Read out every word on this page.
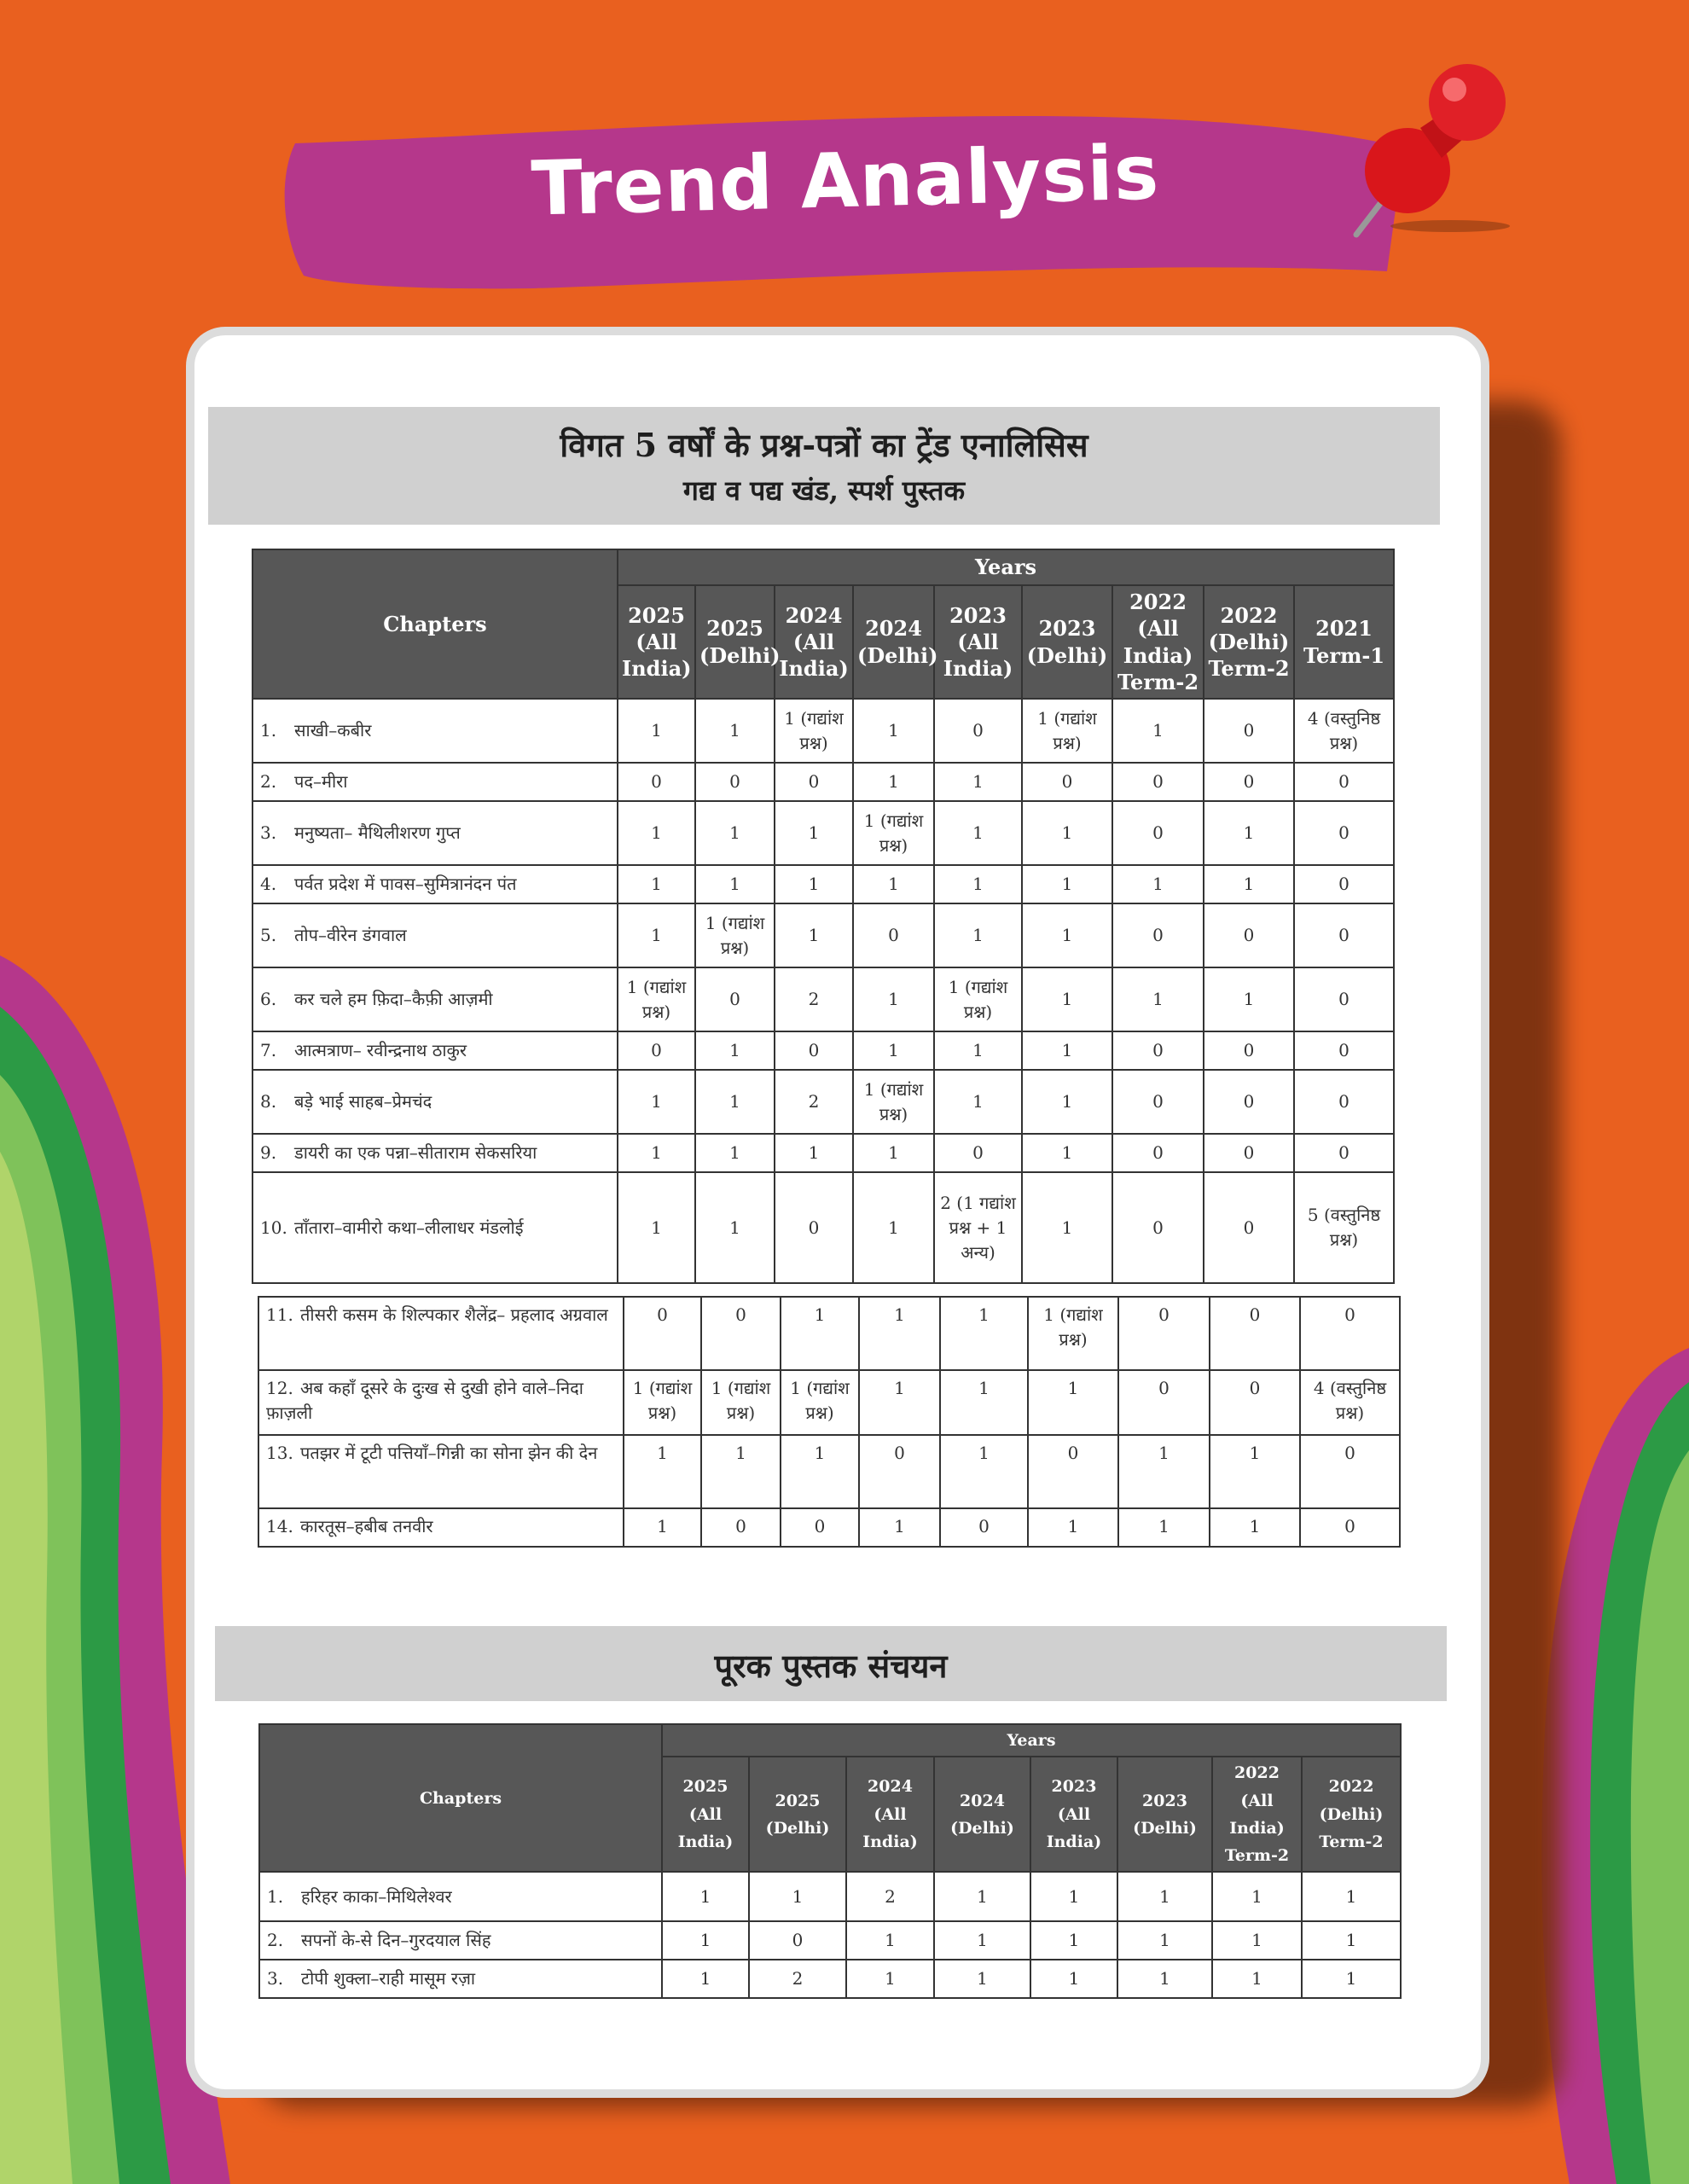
Trend Analysis
विगत 5 वर्षों के प्रश्न-पत्रों का ट्रेंड एनालिसिस
गद्य व पद्य खंड, स्पर्श पुस्तक
Chapters	Years								
	2025 (All India)	2025 (Delhi)	2024 (All India)	2024 (Delhi)	2023 (All India)	2023 (Delhi)	2022 (All India) Term-2	2022 (Delhi) Term-2	2021 Term-1
1. साखी–कबीर	1	1	1 (गद्यांश प्रश्न)	1	0	1 (गद्यांश प्रश्न)	1	0	4 (वस्तुनिष्ठ प्रश्न)
2. पद–मीरा	0	0	0	1	1	0	0	0	0
3. मनुष्यता– मैथिलीशरण गुप्त	1	1	1	1 (गद्यांश प्रश्न)	1	1	0	1	0
4. पर्वत प्रदेश में पावस–सुमित्रानंदन पंत	1	1	1	1	1	1	1	1	0
5. तोप–वीरेन डंगवाल	1	1 (गद्यांश प्रश्न)	1	0	1	1	0	0	0
6. कर चले हम फ़िदा–कैफ़ी आज़मी	1 (गद्यांश प्रश्न)	0	2	1	1 (गद्यांश प्रश्न)	1	1	1	0
7. आत्मत्राण– रवीन्द्रनाथ ठाकुर	0	1	0	1	1	1	0	0	0
8. बड़े भाई साहब–प्रेमचंद	1	1	2	1 (गद्यांश प्रश्न)	1	1	0	0	0
9. डायरी का एक पन्ना–सीताराम सेकसरिया	1	1	1	1	0	1	0	0	0
10. ताँतारा–वामीरो कथा–लीलाधर मंडलोई	1	1	0	1	2 (1 गद्यांश प्रश्न + 1 अन्य)	1	0	0	5 (वस्तुनिष्ठ प्रश्न)
11. तीसरी कसम के शिल्पकार शैलेंद्र– प्रहलाद अग्रवाल	0	0	1	1	1	1 (गद्यांश प्रश्न)	0	0	0
12. अब कहाँ दूसरे के दुःख से दुखी होने वाले–निदा फ़ाज़ली	1 (गद्यांश प्रश्न)	1 (गद्यांश प्रश्न)	1 (गद्यांश प्रश्न)	1	1	1	0	0	4 (वस्तुनिष्ठ प्रश्न)
13. पतझर में टूटी पत्तियाँ–गिन्नी का सोना झेन की देन	1	1	1	0	1	0	1	1	0
14. कारतूस–हबीब तनवीर	1	0	0	1	0	1	1	1	0
पूरक पुस्तक संचयन
Chapters	Years							
	2025 (All India)	2025 (Delhi)	2024 (All India)	2024 (Delhi)	2023 (All India)	2023 (Delhi)	2022 (All India) Term-2	2022 (Delhi) Term-2
1. हरिहर काका–मिथिलेश्वर	1	1	2	1	1	1	1	1
2. सपनों के-से दिन–गुरदयाल सिंह	1	0	1	1	1	1	1	1
3. टोपी शुक्ला–राही मासूम रज़ा	1	2	1	1	1	1	1	1
